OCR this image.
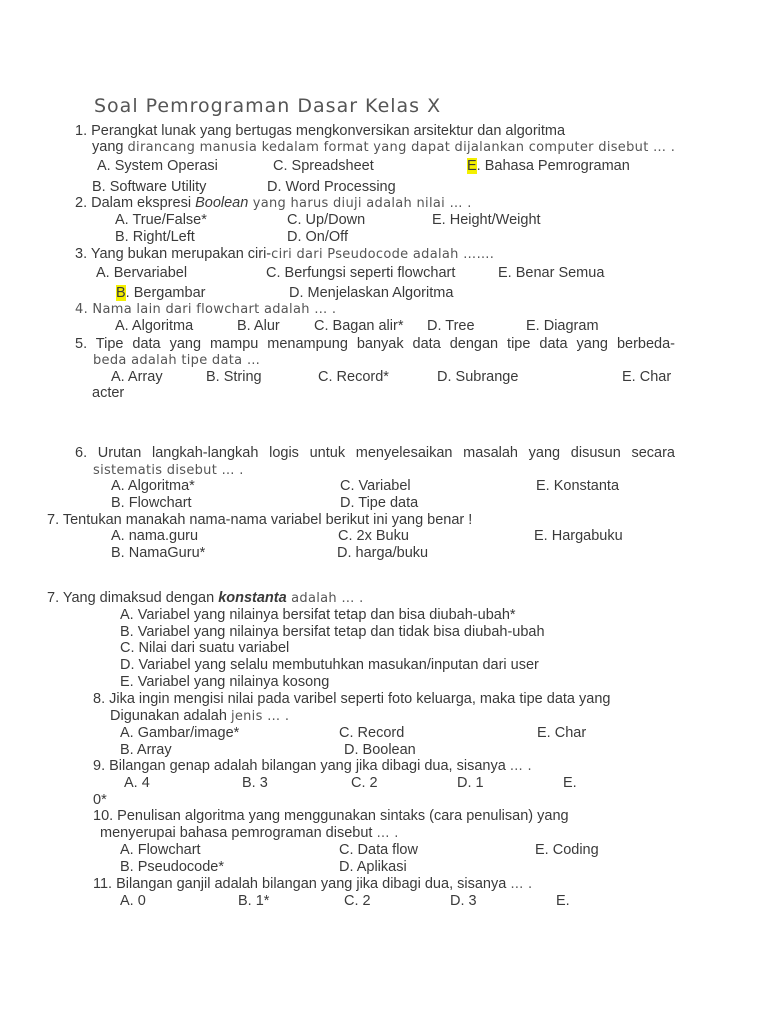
Soal Pemrograman Dasar Kelas X
1. Perangkat lunak yang bertugas mengkonversikan arsitektur dan algoritma
yang dirancang manusia kedalam format yang dapat dijalankan computer disebut … .
A. System Operasi	C. Spreadsheet	E. Bahasa Pemrograman
B. Software Utility	D. Word Processing
2. Dalam ekspresi Boolean yang harus diuji adalah nilai … .
A. True/False*	C. Up/Down	E. Height/Weight
B. Right/Left	D. On/Off
3. Yang bukan merupakan ciri-ciri dari Pseudocode adalah …….
A. Bervariabel	C. Berfungsi seperti flowchart	E. Benar Semua
B. Bergambar	D. Menjelaskan Algoritma
4. Nama lain dari flowchart adalah … .
A. Algoritma	B. Alur C. Bagan alir* D. Tree	E. Diagram
5. Tipe data yang mampu menampung banyak data dengan tipe data yang berbeda-
beda adalah tipe data …
A. Array	B. String	C. Record*	D. Subrange	E. Char
acter
6. Urutan langkah-langkah logis untuk menyelesaikan masalah yang disusun secara
sistematis disebut … .
A. Algoritma*	C. Variabel	E. Konstanta
B. Flowchart	D. Tipe data
7. Tentukan manakah nama-nama variabel berikut ini yang benar !
A. nama.guru	C. 2x Buku	E. Hargabuku
B. NamaGuru*	D. harga/buku
7. Yang dimaksud dengan konstanta adalah … .
A. Variabel yang nilainya bersifat tetap dan bisa diubah-ubah*
B. Variabel yang nilainya bersifat tetap dan tidak bisa diubah-ubah
C. Nilai dari suatu variabel
D. Variabel yang selalu membutuhkan masukan/inputan dari user
E. Variabel yang nilainya kosong
8. Jika ingin mengisi nilai pada varibel seperti foto keluarga, maka tipe data yang
Digunakan adalah jenis … .
A. Gambar/image*	C. Record	E. Char
B. Array	D. Boolean
9. Bilangan genap adalah bilangan yang jika dibagi dua, sisanya … .
A. 4	B. 3	C. 2	D. 1	E.
0*
10. Penulisan algoritma yang menggunakan sintaks (cara penulisan) yang
menyerupai bahasa pemrograman disebut … .
A. Flowchart	C. Data flow	E. Coding
B. Pseudocode*	D. Aplikasi
11. Bilangan ganjil adalah bilangan yang jika dibagi dua, sisanya … .
A. 0	B. 1*	C. 2	D. 3	E.
